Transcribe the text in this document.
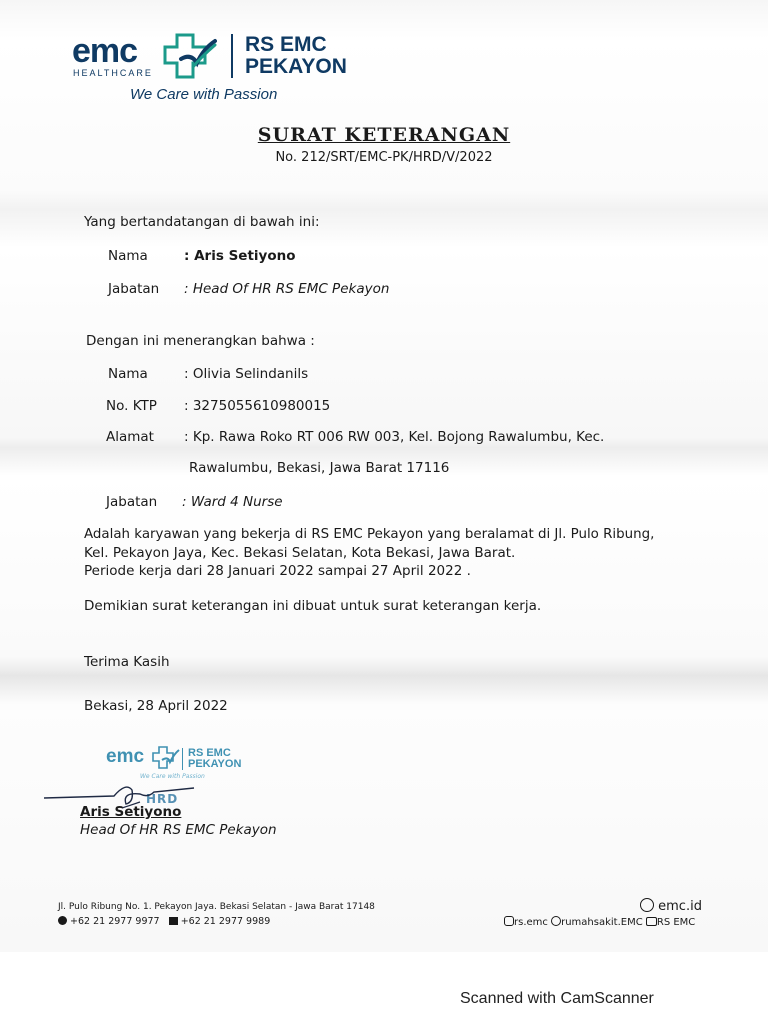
emc
HEALTHCARE
RS EMC
PEKAYON
We Care with Passion
SURAT KETERANGAN
No. 212/SRT/EMC-PK/HRD/V/2022
Yang bertandatangan di bawah ini:
Nama	: Aris Setiyono
Jabatan : Head Of HR RS EMC Pekayon
Dengan ini menerangkan bahwa :
Nama	: Olivia Selindanils
No. KTP : 3275055610980015
Alamat : Kp. Rawa Roko RT 006 RW 003, Kel. Bojong Rawalumbu, Kec.
Rawalumbu, Bekasi, Jawa Barat 17116
Jabatan : Ward 4 Nurse
Adalah karyawan yang bekerja di RS EMC Pekayon yang beralamat di Jl. Pulo Ribung,
Kel. Pekayon Jaya, Kec. Bekasi Selatan, Kota Bekasi, Jawa Barat.
Periode kerja dari 28 Januari 2022 sampai 27 April 2022 .
Demikian surat keterangan ini dibuat untuk surat keterangan kerja.
Terima Kasih
Bekasi, 28 April 2022
emc	RS EMC
PEKAYON
We Care with Passion
HRD
Aris Setiyono
Head Of HR RS EMC Pekayon
Jl. Pulo Ribung No. 1. Pekayon Jaya. Bekasi Selatan - Jawa Barat 17148
+62 21 2977 9977 +62 21 2977 9989
emc.id
rs.emc rumahsakit.EMC RS EMC
Scanned with CamScanner
